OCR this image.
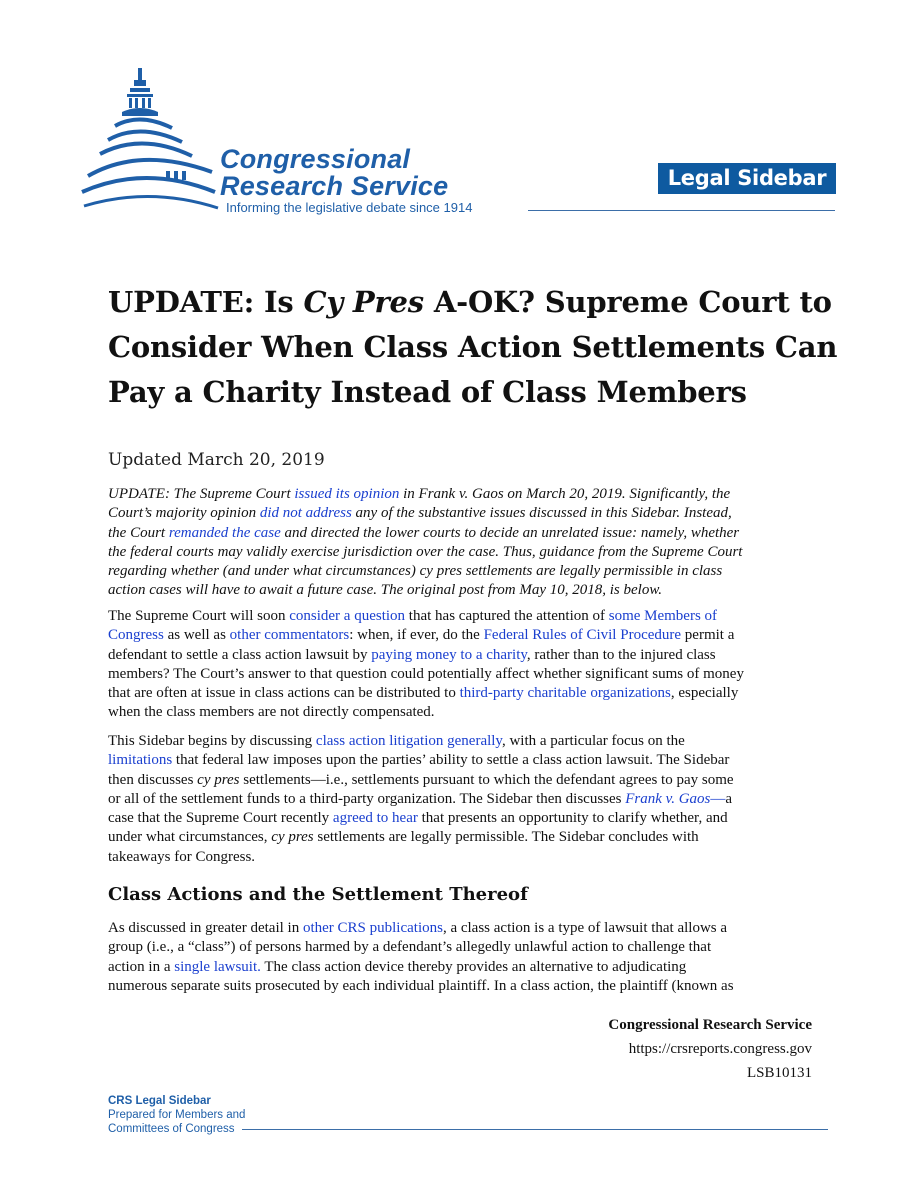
Congressional
Research Service
Informing the legislative debate since 1914
Legal Sidebar
UPDATE: Is Cy Pres A-OK? Supreme Court to
Consider When Class Action Settlements Can
Pay a Charity Instead of Class Members
Updated March 20, 2019
UPDATE: The Supreme Court issued its opinion in Frank v. Gaos on March 20, 2019. Significantly, the
Court’s majority opinion did not address any of the substantive issues discussed in this Sidebar. Instead,
the Court remanded the case and directed the lower courts to decide an unrelated issue: namely, whether
the federal courts may validly exercise jurisdiction over the case. Thus, guidance from the Supreme Court
regarding whether (and under what circumstances) cy pres settlements are legally permissible in class
action cases will have to await a future case. The original post from May 10, 2018, is below.
The Supreme Court will soon consider a question that has captured the attention of some Members of
Congress as well as other commentators: when, if ever, do the Federal Rules of Civil Procedure permit a
defendant to settle a class action lawsuit by paying money to a charity, rather than to the injured class
members? The Court’s answer to that question could potentially affect whether significant sums of money
that are often at issue in class actions can be distributed to third-party charitable organizations, especially
when the class members are not directly compensated.
This Sidebar begins by discussing class action litigation generally, with a particular focus on the
limitations that federal law imposes upon the parties’ ability to settle a class action lawsuit. The Sidebar
then discusses cy pres settlements—i.e., settlements pursuant to which the defendant agrees to pay some
or all of the settlement funds to a third-party organization. The Sidebar then discusses Frank v. Gaos—a
case that the Supreme Court recently agreed to hear that presents an opportunity to clarify whether, and
under what circumstances, cy pres settlements are legally permissible. The Sidebar concludes with
takeaways for Congress.
Class Actions and the Settlement Thereof
As discussed in greater detail in other CRS publications, a class action is a type of lawsuit that allows a
group (i.e., a “class”) of persons harmed by a defendant’s allegedly unlawful action to challenge that
action in a single lawsuit. The class action device thereby provides an alternative to adjudicating
numerous separate suits prosecuted by each individual plaintiff. In a class action, the plaintiff (known as
Congressional Research Service
https://crsreports.congress.gov
LSB10131
CRS Legal Sidebar
Prepared for Members and
Committees of Congress
